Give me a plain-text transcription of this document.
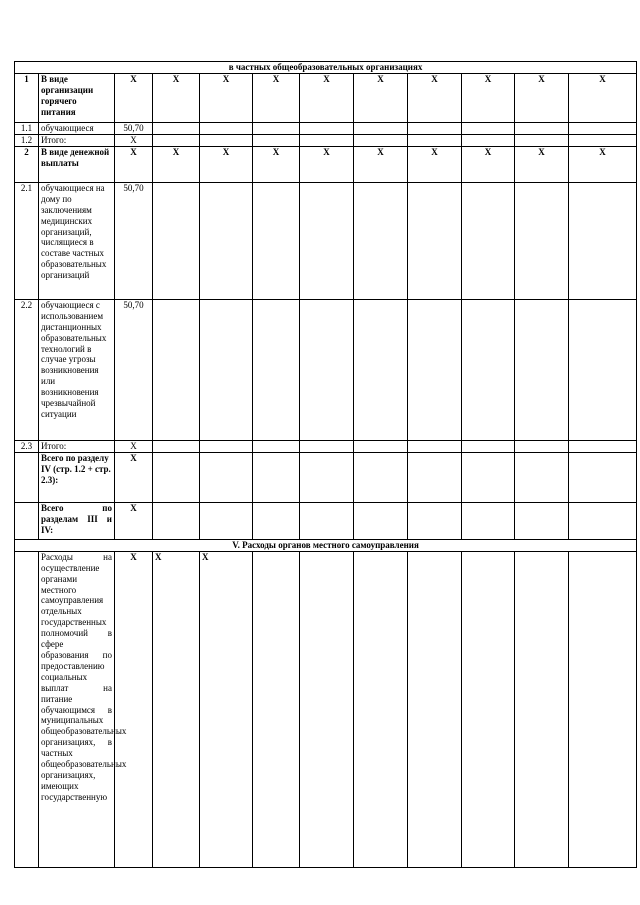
в частных общеобразовательных организациях											
1	В виде организации горячего питания	Х	Х	Х	Х	Х	Х	Х	Х	Х	Х
1.1	обучающиеся	50,70									
1.2	Итого:	Х									
2	В виде денежной выплаты	Х	Х	Х	Х	Х	Х	Х	Х	Х	Х
2.1	обучающиеся на дому по заключениям медицинских организаций, числящиеся в составе частных образовательных организаций	50,70									
2.2	обучающиеся с использованием дистанционных образовательных технологий в случае угрозы возникновения или возникновения чрезвычайной ситуации	50,70									
2.3	Итого:	Х									
	Всего по разделу IV (стр. 1.2 + стр. 2.3):	Х									
	Всего по разделам III и IV:	Х									
V. Расходы органов местного самоуправления											
	Расходы на осуществление органами местного самоуправления отдельных государственных полномочий в сфере образования по предоставлению социальных выплат на питание обучающимся в муниципальных общеобразовательных организациях, в частных общеобразовательных организациях, имеющих государственную	Х	Х	Х							
